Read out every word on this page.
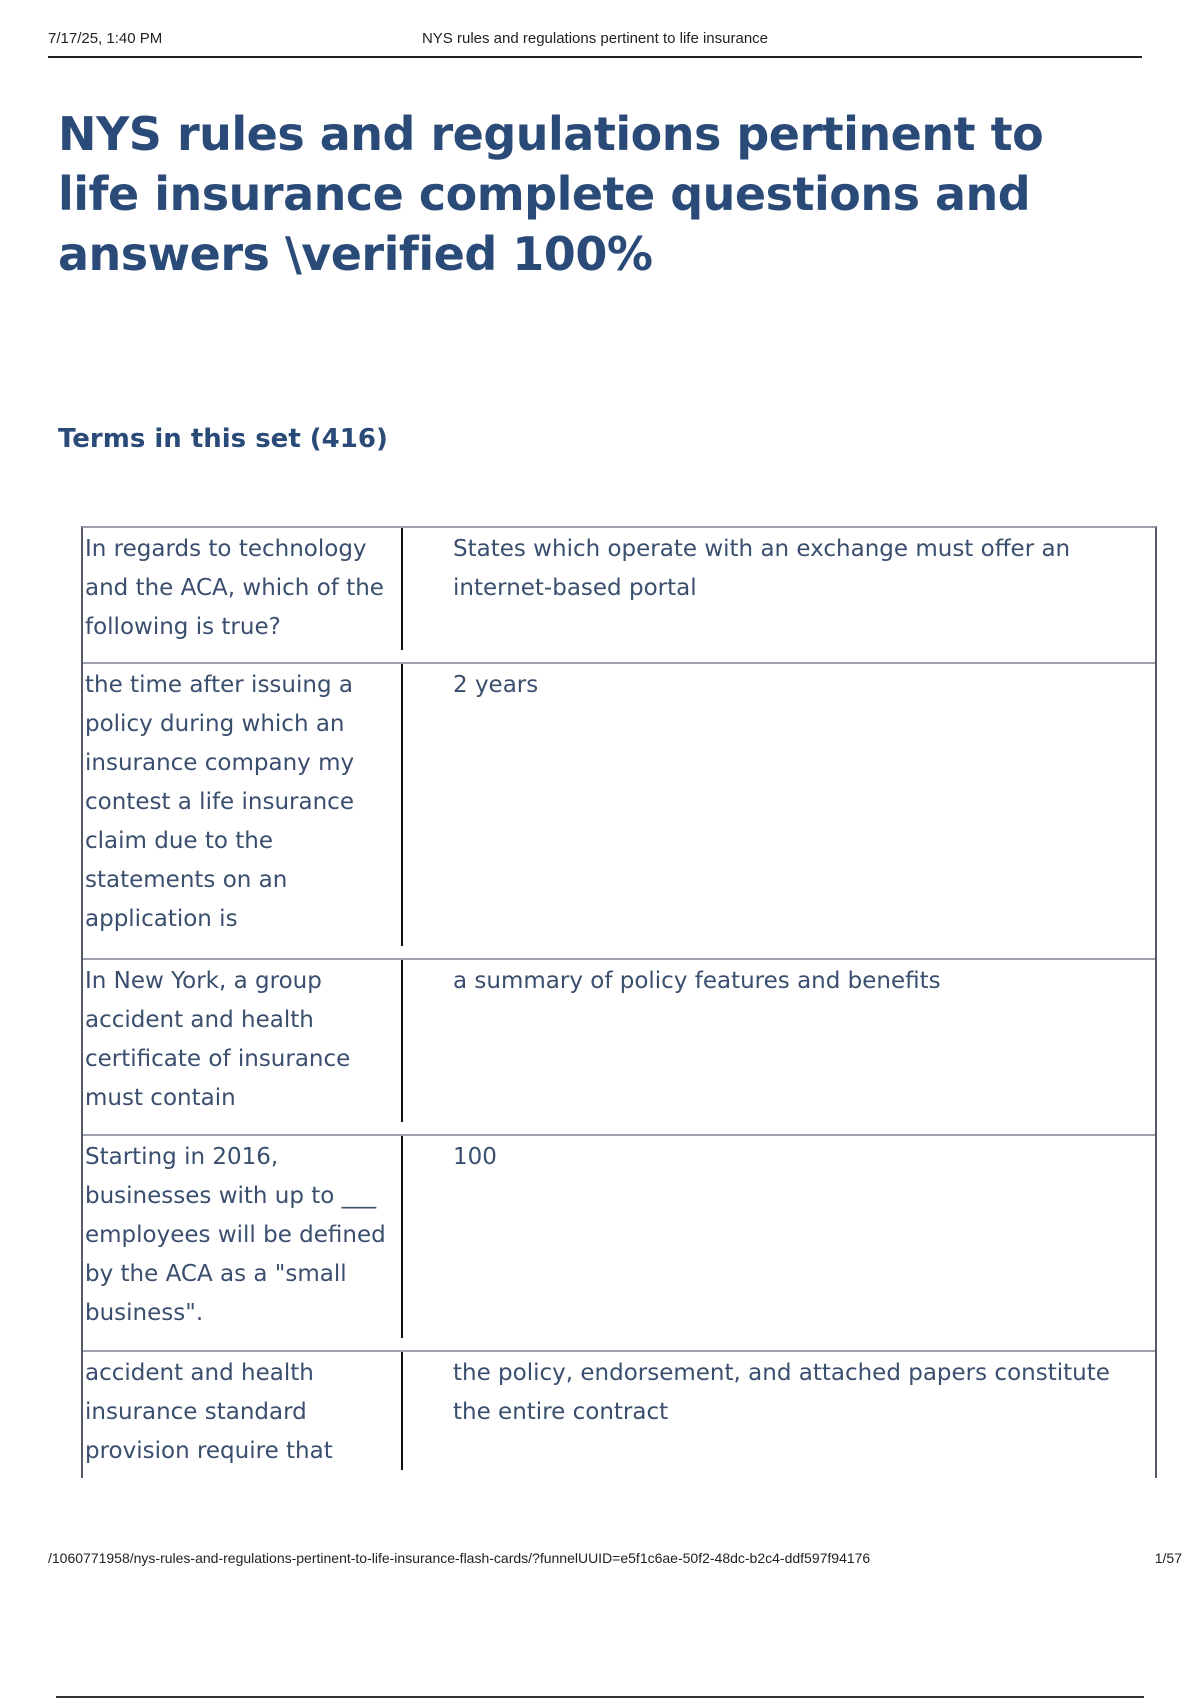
7/17/25, 1:40 PM	NYS rules and regulations pertinent to life insurance
NYS rules and regulations pertinent to life insurance complete questions and answers \verified 100%
Terms in this set (416)
In regards to technology and the ACA, which of the following is true?
States which operate with an exchange must offer an internet-based portal
the time after issuing a policy during which an insurance company my contest a life insurance claim due to the statements on an application is
2 years
In New York, a group accident and health certificate of insurance must contain
a summary of policy features and benefits
Starting in 2016, businesses with up to ___ employees will be defined by the ACA as a "small business".
100
accident and health insurance standard provision require that
the policy, endorsement, and attached papers constitute the entire contract
/1060771958/nys-rules-and-regulations-pertinent-to-life-insurance-flash-cards/?funnelUUID=e5f1c6ae-50f2-48dc-b2c4-ddf597f94176	1/57
